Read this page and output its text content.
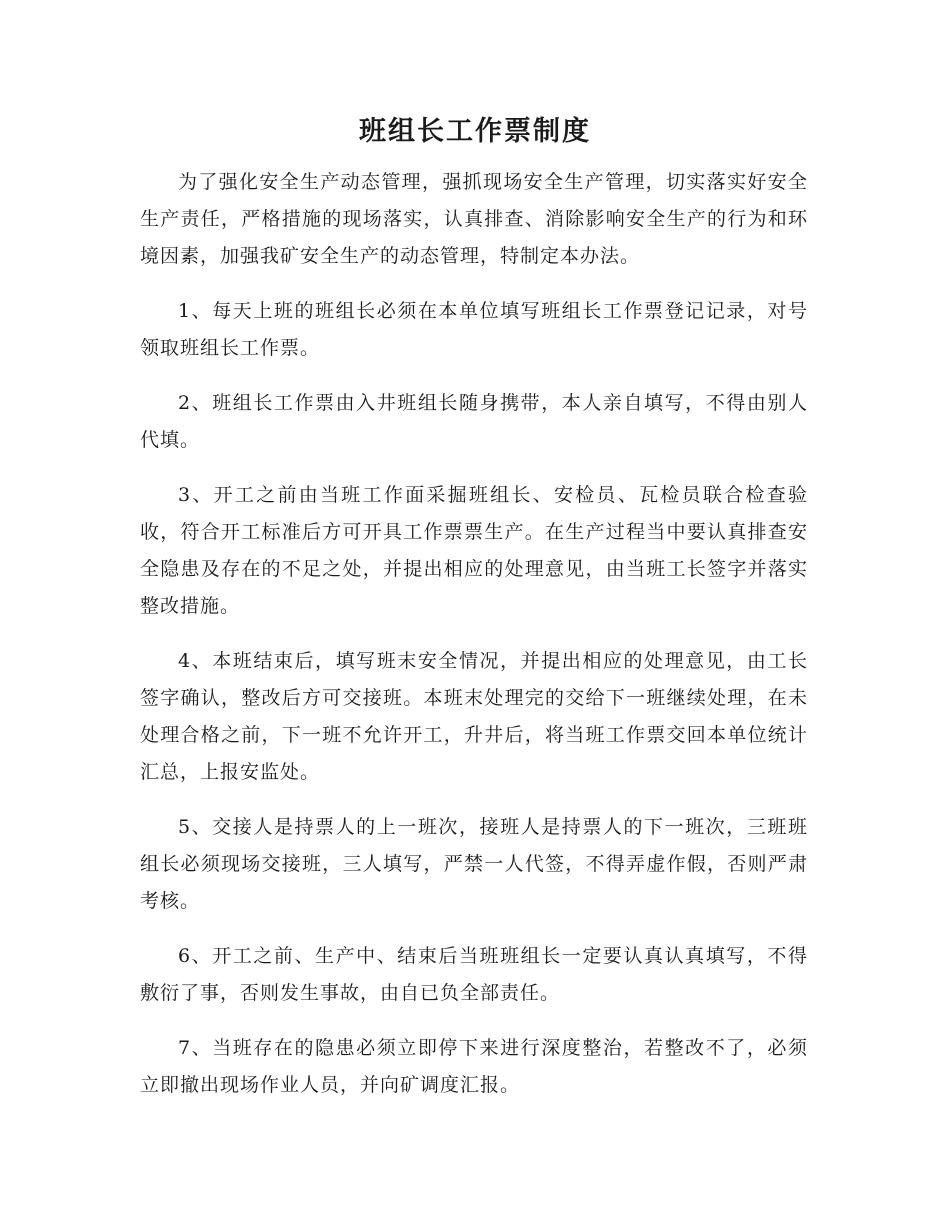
班组长工作票制度

为了强化安全生产动态管理，强抓现场安全生产管理，切实落实好安全生产责任，严格措施的现场落实，认真排查、消除影响安全生产的行为和环境因素，加强我矿安全生产的动态管理，特制定本办法。

1、每天上班的班组长必须在本单位填写班组长工作票登记记录，对号领取班组长工作票。

2、班组长工作票由入井班组长随身携带，本人亲自填写，不得由别人代填。

3、开工之前由当班工作面采掘班组长、安检员、瓦检员联合检查验收，符合开工标准后方可开具工作票票生产。在生产过程当中要认真排查安全隐患及存在的不足之处，并提出相应的处理意见，由当班工长签字并落实整改措施。

4、本班结束后，填写班末安全情况，并提出相应的处理意见，由工长签字确认，整改后方可交接班。本班末处理完的交给下一班继续处理，在未处理合格之前，下一班不允许开工，升井后，将当班工作票交回本单位统计汇总，上报安监处。

5、交接人是持票人的上一班次，接班人是持票人的下一班次，三班班组长必须现场交接班，三人填写，严禁一人代签，不得弄虚作假，否则严肃考核。

6、开工之前、生产中、结束后当班班组长一定要认真认真填写，不得敷衍了事，否则发生事故，由自已负全部责任。

7、当班存在的隐患必须立即停下来进行深度整治，若整改不了，必须立即撤出现场作业人员，并向矿调度汇报。
